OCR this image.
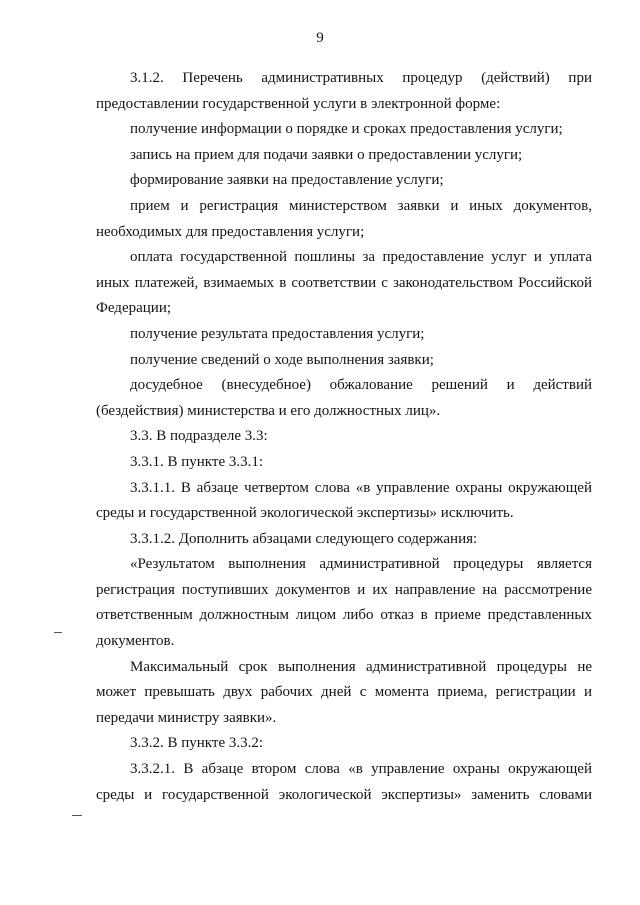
9

3.1.2. Перечень административных процедур (действий) при предоставлении государственной услуги в электронной форме:

получение информации о порядке и сроках предоставления услуги;

запись на прием для подачи заявки о предоставлении услуги;

формирование заявки на предоставление услуги;

прием и регистрация министерством заявки и иных документов, необходимых для предоставления услуги;

оплата государственной пошлины за предоставление услуг и уплата иных платежей, взимаемых в соответствии с законодательством Российской Федерации;

получение результата предоставления услуги;

получение сведений о ходе выполнения заявки;

досудебное (внесудебное) обжалование решений и действий (бездействия) министерства и его должностных лиц».

3.3. В подразделе 3.3:

3.3.1. В пункте 3.3.1:

3.3.1.1. В абзаце четвертом слова «в управление охраны окружающей среды и государственной экологической экспертизы» исключить.

3.3.1.2. Дополнить абзацами следующего содержания:

«Результатом выполнения административной процедуры является регистрация поступивших документов и их направление на рассмотрение ответственным должностным лицом либо отказ в приеме представленных документов.

Максимальный срок выполнения административной процедуры не может превышать двух рабочих дней с момента приема, регистрации и передачи министру заявки».

3.3.2. В пункте 3.3.2:

3.3.2.1. В абзаце втором слова «в управление охраны окружающей среды и государственной экологической экспертизы» заменить словами
